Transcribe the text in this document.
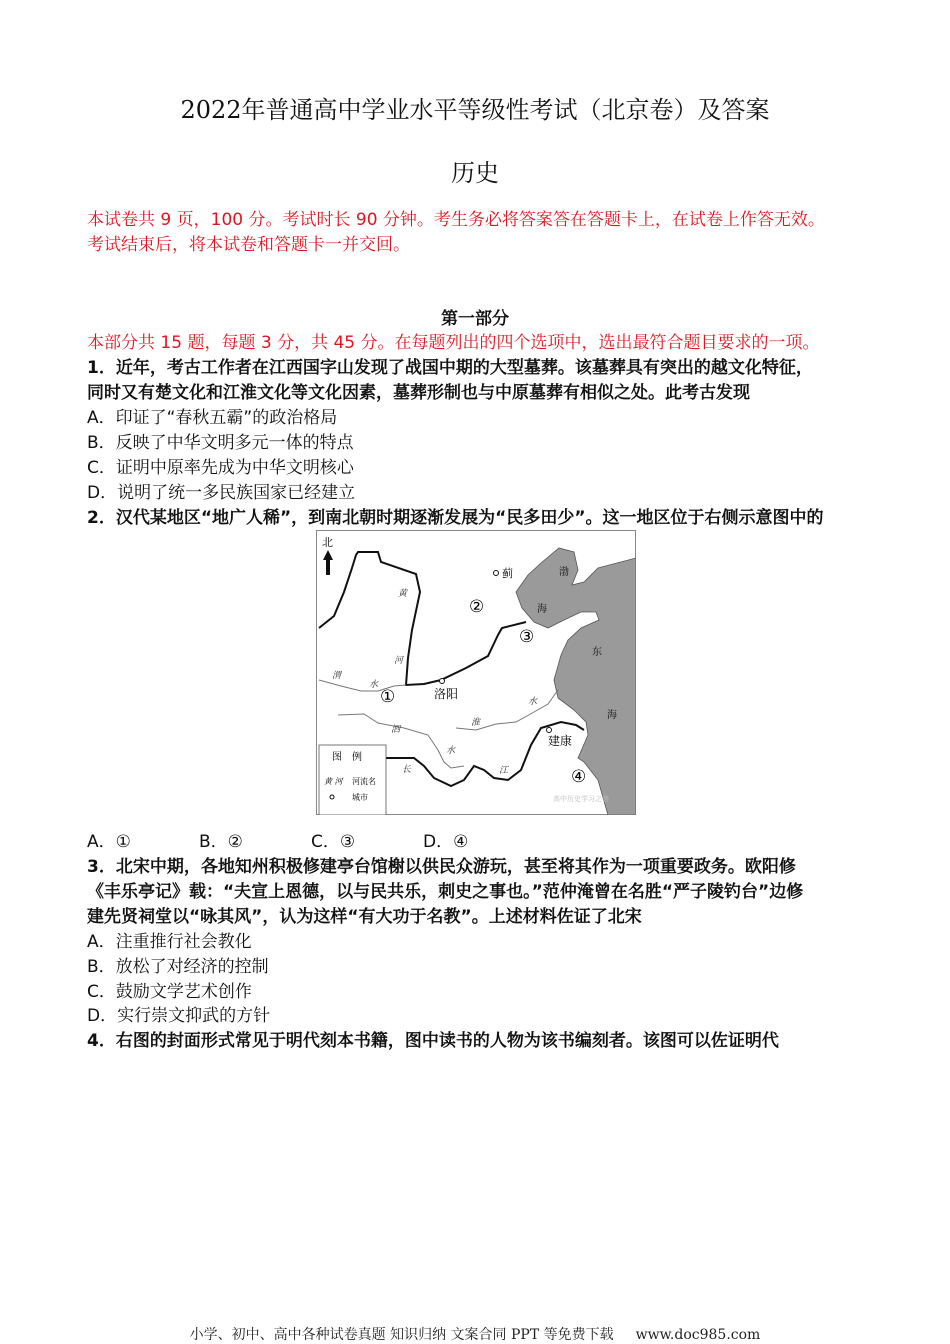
2022年普通高中学业水平等级性考试（北京卷）及答案
历史
本试卷共 9 页，100 分。考试时长 90 分钟。考生务必将答案答在答题卡上，在试卷上作答无效。
考试结束后，将本试卷和答题卡一并交回。
第一部分
本部分共 15 题，每题 3 分，共 45 分。在每题列出的四个选项中，选出最符合题目要求的一项。
1．近年，考古工作者在江西国字山发现了战国中期的大型墓葬。该墓葬具有突出的越文化特征，
同时又有楚文化和江淮文化等文化因素，墓葬形制也与中原墓葬有相似之处。此考古发现
A．印证了“春秋五霸”的政治格局
B．反映了中华文明多元一体的特点
C．证明中原率先成为中华文明核心
D．说明了统一多民族国家已经建立
2．汉代某地区“地广人稀”，到南北朝时期逐渐发展为“民多田少”。这一地区位于右侧示意图中的
北
蓟
洛阳
建康
①
②
③
④
黄
河
渭
水
淮
水
泗
水
长	江
渤
海
东
海
图　例
黄 河 河流名
城市	高中历史学习之巷
A．①	B．②	C．③	D．④
3．北宋中期，各地知州积极修建亭台馆榭以供民众游玩，甚至将其作为一项重要政务。欧阳修
《丰乐亭记》载：“夫宣上恩德，以与民共乐，刺史之事也。”范仲淹曾在名胜“严子陵钓台”边修
建先贤祠堂以“咏其风”，认为这样“有大功于名教”。上述材料佐证了北宋
A．注重推行社会教化
B．放松了对经济的控制
C．鼓励文学艺术创作
D．实行崇文抑武的方针
4．右图的封面形式常见于明代刻本书籍，图中读书的人物为该书编刻者。该图可以佐证明代
小学、初中、高中各种试卷真题 知识归纳 文案合同 PPT 等免费下载 www.doc985.com
